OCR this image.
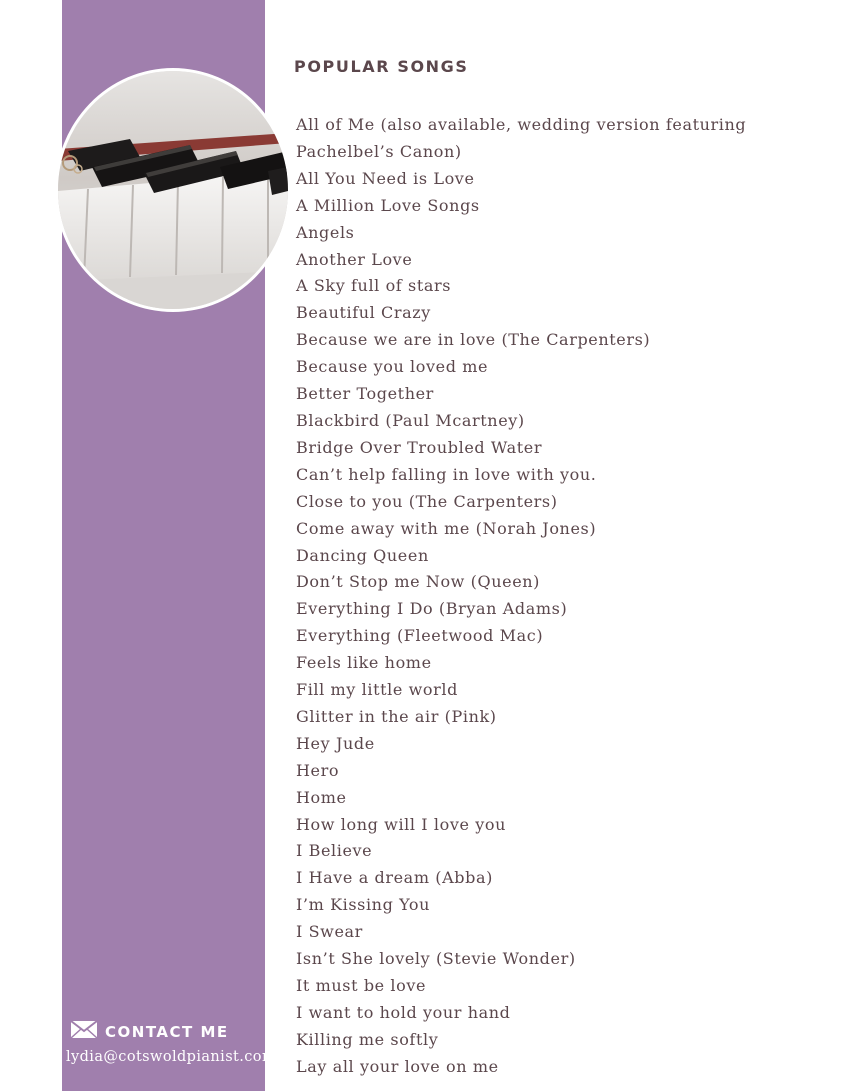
POPULAR SONGS
All of Me (also available, wedding version featuring
Pachelbel’s Canon)
All You Need is Love
A Million Love Songs
Angels
Another Love
A Sky full of stars
Beautiful Crazy
Because we are in love (The Carpenters)
Because you loved me
Better Together
Blackbird (Paul Mcartney)
Bridge Over Troubled Water
Can’t help falling in love with you.
Close to you (The Carpenters)
Come away with me (Norah Jones)
Dancing Queen
Don’t Stop me Now (Queen)
Everything I Do (Bryan Adams)
Everything (Fleetwood Mac)
Feels like home
Fill my little world
Glitter in the air (Pink)
Hey Jude
Hero
Home
How long will I love you
I Believe
I Have a dream (Abba)
I’m Kissing You
I Swear
Isn’t She lovely (Stevie Wonder)
It must be love
I want to hold your hand
Killing me softly
Lay all your love on me
CONTACT ME
lydia@cotswoldpianist.com
